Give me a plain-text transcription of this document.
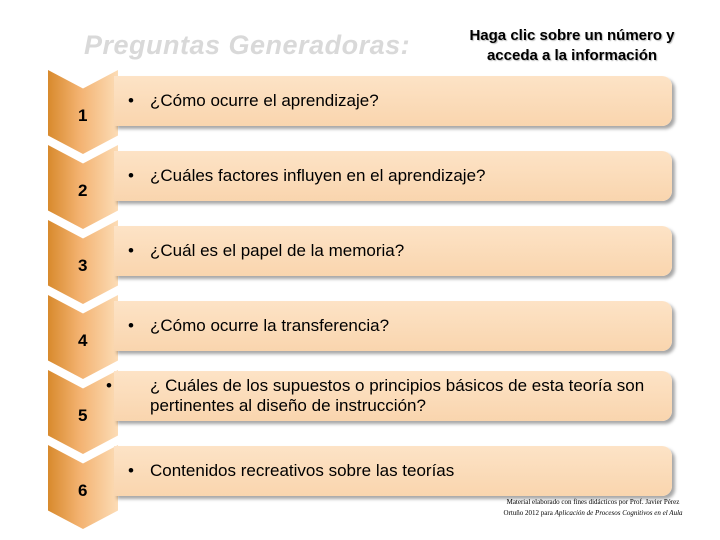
Preguntas Generadoras:	Haga clic sobre un número y acceda a la información
1
2
3
4
5
6
• ¿Cómo ocurre el aprendizaje?
• ¿Cuáles factores influyen en el aprendizaje?
• ¿Cuál es el papel de la memoria?
• ¿Cómo ocurre la transferencia?
• ¿ Cuáles de los supuestos o principios básicos de esta teoría son pertinentes al diseño de instrucción?
• Contenidos recreativos sobre las teorías
Material elaborado con fines didácticos por Prof. Javier Pérez
Ortuño 2012 para Aplicación de Procesos Cognitivos en el Aula
